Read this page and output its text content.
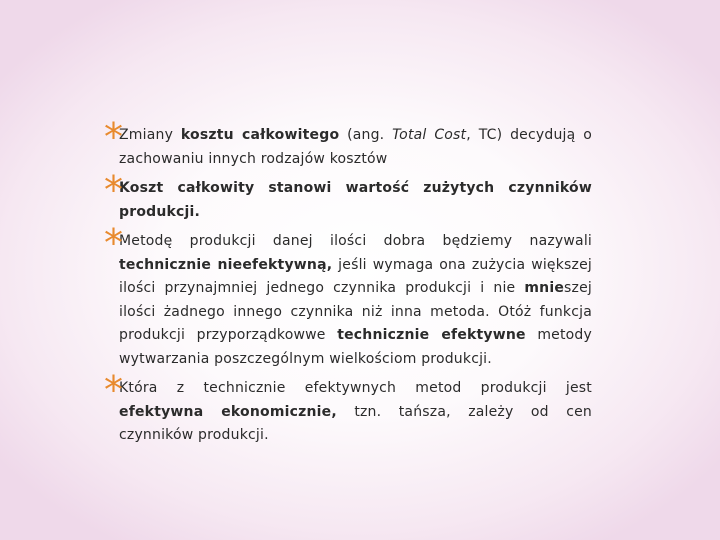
*
Zmiany kosztu całkowitego (ang. Total Cost, TC) decydują o zachowaniu innych rodzajów kosztów
*
Koszt całkowity stanowi wartość zużytych czynników produkcji.
*
Metodę produkcji danej ilości dobra będziemy nazywali technicznie nieefektywną, jeśli wymaga ona zużycia większej ilości przynajmniej jednego czynnika produkcji i nie mnieszej ilości żadnego innego czynnika niż inna metoda. Otóż funkcja produkcji przyporządkowwe technicznie efektywne metody wytwarzania poszczególnym wielkościom produkcji.
*
Która z technicznie efektywnych metod produkcji jest efektywna ekonomicznie, tzn. tańsza, zależy od cen czynników produkcji.
